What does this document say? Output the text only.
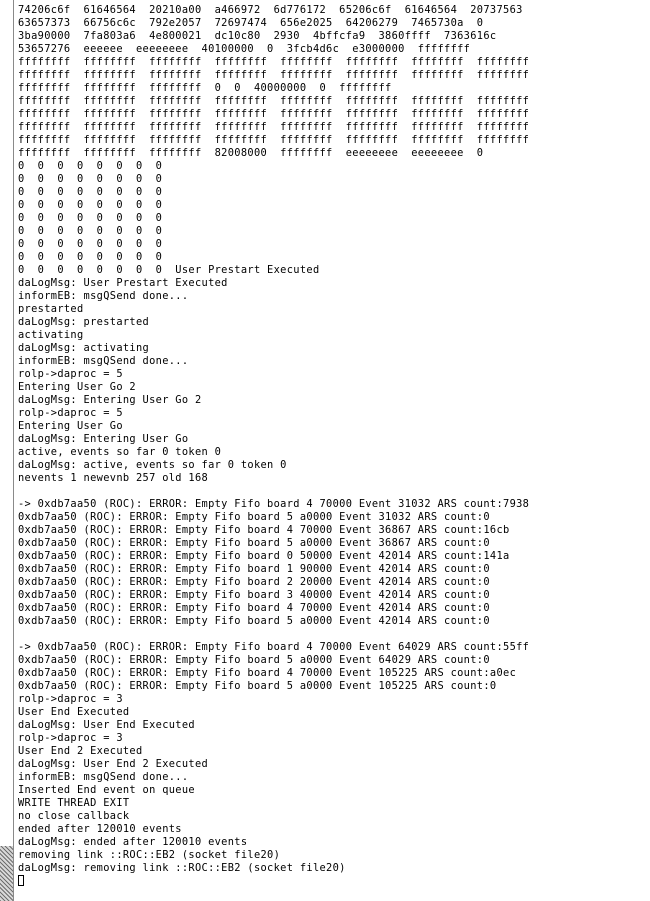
74206c6f  61646564  20210a00  a466972  6d776172  65206c6f  61646564  20737563
63657373  66756c6c  792e2057  72697474  656e2025  64206279  7465730a  0
3ba90000  7fa803a6  4e800021  dc10c80  2930  4bffcfa9  3860ffff  7363616c
53657276  eeeeee  eeeeeeee  40100000  0  3fcb4d6c  e3000000  ffffffff
ffffffff  ffffffff  ffffffff  ffffffff  ffffffff  ffffffff  ffffffff  ffffffff
ffffffff  ffffffff  ffffffff  ffffffff  ffffffff  ffffffff  ffffffff  ffffffff
ffffffff  ffffffff  ffffffff  0  0  40000000  0  ffffffff
ffffffff  ffffffff  ffffffff  ffffffff  ffffffff  ffffffff  ffffffff  ffffffff
ffffffff  ffffffff  ffffffff  ffffffff  ffffffff  ffffffff  ffffffff  ffffffff
ffffffff  ffffffff  ffffffff  ffffffff  ffffffff  ffffffff  ffffffff  ffffffff
ffffffff  ffffffff  ffffffff  ffffffff  ffffffff  ffffffff  ffffffff  ffffffff
ffffffff  ffffffff  ffffffff  82008000  ffffffff  eeeeeeee  eeeeeeee  0
0  0  0  0  0  0  0  0
0  0  0  0  0  0  0  0
0  0  0  0  0  0  0  0
0  0  0  0  0  0  0  0
0  0  0  0  0  0  0  0
0  0  0  0  0  0  0  0
0  0  0  0  0  0  0  0
0  0  0  0  0  0  0  0
0  0  0  0  0  0  0  0  User Prestart Executed
daLogMsg: User Prestart Executed
informEB: msgQSend done...
prestarted
daLogMsg: prestarted
activating
daLogMsg: activating
informEB: msgQSend done...
rolp->daproc = 5
Entering User Go 2
daLogMsg: Entering User Go 2
rolp->daproc = 5
Entering User Go
daLogMsg: Entering User Go
active, events so far 0 token 0
daLogMsg: active, events so far 0 token 0
nevents 1 newevnb 257 old 168
-> 0xdb7aa50 (ROC): ERROR: Empty Fifo board 4 70000 Event 31032 ARS count:7938
0xdb7aa50 (ROC): ERROR: Empty Fifo board 5 a0000 Event 31032 ARS count:0
0xdb7aa50 (ROC): ERROR: Empty Fifo board 4 70000 Event 36867 ARS count:16cb
0xdb7aa50 (ROC): ERROR: Empty Fifo board 5 a0000 Event 36867 ARS count:0
0xdb7aa50 (ROC): ERROR: Empty Fifo board 0 50000 Event 42014 ARS count:141a
0xdb7aa50 (ROC): ERROR: Empty Fifo board 1 90000 Event 42014 ARS count:0
0xdb7aa50 (ROC): ERROR: Empty Fifo board 2 20000 Event 42014 ARS count:0
0xdb7aa50 (ROC): ERROR: Empty Fifo board 3 40000 Event 42014 ARS count:0
0xdb7aa50 (ROC): ERROR: Empty Fifo board 4 70000 Event 42014 ARS count:0
0xdb7aa50 (ROC): ERROR: Empty Fifo board 5 a0000 Event 42014 ARS count:0
-> 0xdb7aa50 (ROC): ERROR: Empty Fifo board 4 70000 Event 64029 ARS count:55ff
0xdb7aa50 (ROC): ERROR: Empty Fifo board 5 a0000 Event 64029 ARS count:0
0xdb7aa50 (ROC): ERROR: Empty Fifo board 4 70000 Event 105225 ARS count:a0ec
0xdb7aa50 (ROC): ERROR: Empty Fifo board 5 a0000 Event 105225 ARS count:0
rolp->daproc = 3
User End Executed
daLogMsg: User End Executed
rolp->daproc = 3
User End 2 Executed
daLogMsg: User End 2 Executed
informEB: msgQSend done...
Inserted End event on queue
WRITE THREAD EXIT
no close callback
ended after 120010 events
daLogMsg: ended after 120010 events
removing link ::ROC::EB2 (socket file20)
daLogMsg: removing link ::ROC::EB2 (socket file20)
